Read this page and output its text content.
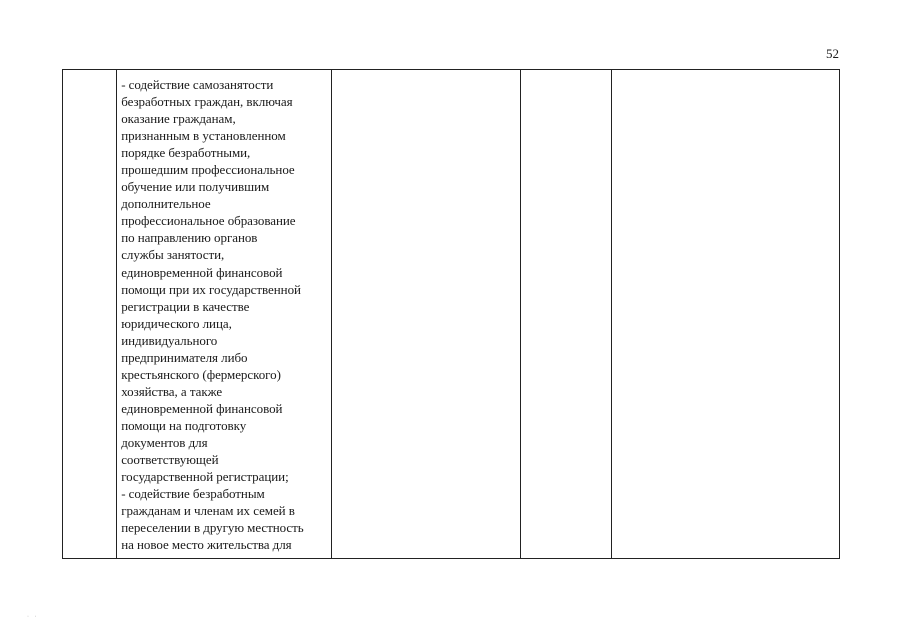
52

- содействие самозанятости
безработных граждан, включая
оказание гражданам,
признанным в установленном
порядке безработными,
прошедшим профессиональное
обучение или получившим
дополнительное
профессиональное образование
по направлению органов
службы занятости,
единовременной финансовой
помощи при их государственной
регистрации в качестве
юридического лица,
индивидуального
предпринимателя либо
крестьянского (фермерского)
хозяйства, а также
единовременной финансовой
помощи на подготовку
документов для
соответствующей
государственной регистрации;
- содействие безработным
гражданам и членам их семей в
переселении в другую местность
на новое место жительства для

· ·
